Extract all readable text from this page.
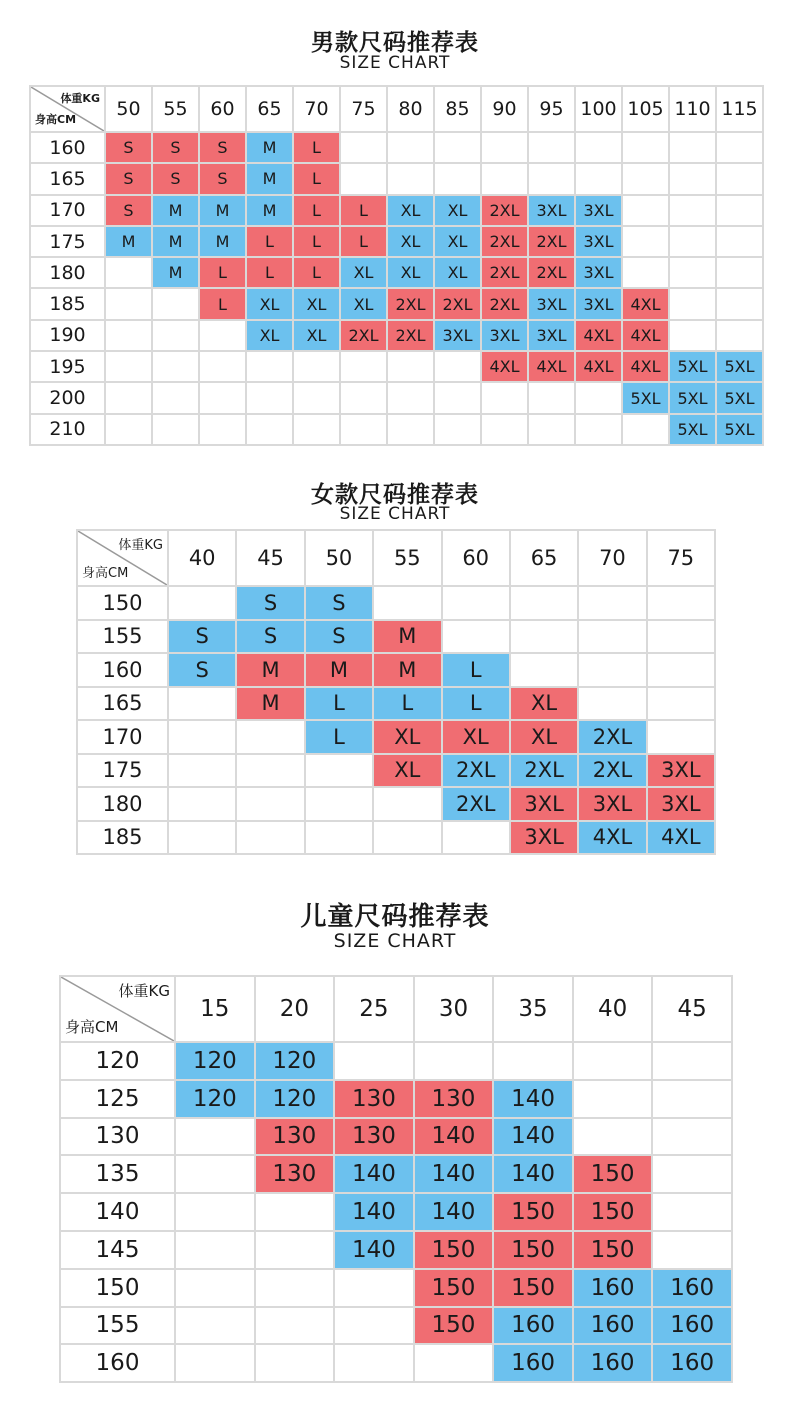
男款尺码推荐表
SIZE CHART
体重KG
身高CM	50	55	60	65	70	75	80	85	90	95	100	105	110	115
160	S	S	S	M	L									
165	S	S	S	M	L									
170	S	M	M	M	L	L	XL	XL	2XL	3XL	3XL			
175	M	M	M	L	L	L	XL	XL	2XL	2XL	3XL			
180		M	L	L	L	XL	XL	XL	2XL	2XL	3XL			
185			L	XL	XL	XL	2XL	2XL	2XL	3XL	3XL	4XL		
190				XL	XL	2XL	2XL	3XL	3XL	3XL	4XL	4XL		
195									4XL	4XL	4XL	4XL	5XL	5XL
200												5XL	5XL	5XL
210													5XL	5XL
女款尺码推荐表
SIZE CHART
体重KG
身高CM	40	45	50	55	60	65	70	75
150		S	S					
155	S	S	S	M				
160	S	M	M	M	L			
165		M	L	L	L	XL		
170			L	XL	XL	XL	2XL	
175				XL	2XL	2XL	2XL	3XL
180					2XL	3XL	3XL	3XL
185						3XL	4XL	4XL
儿童尺码推荐表
SIZE CHART
体重KG
身高CM	15	20	25	30	35	40	45
120	120	120					
125	120	120	130	130	140		
130		130	130	140	140		
135		130	140	140	140	150	
140			140	140	150	150	
145			140	150	150	150	
150				150	150	160	160
155				150	160	160	160
160					160	160	160
